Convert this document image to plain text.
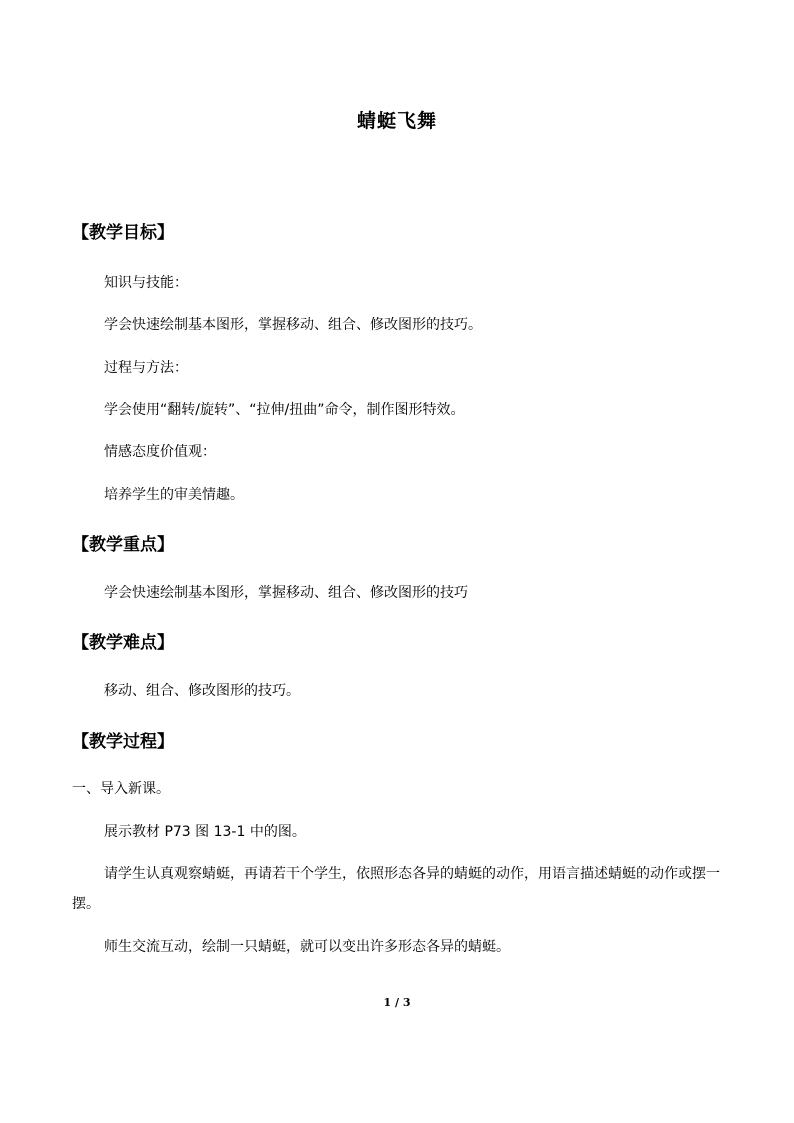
蜻蜓飞舞
【教学目标】
知识与技能：
学会快速绘制基本图形，掌握移动、组合、修改图形的技巧。
过程与方法：
学会使用“翻转/旋转”、“拉伸/扭曲”命令，制作图形特效。
情感态度价值观：
培养学生的审美情趣。
【教学重点】
学会快速绘制基本图形，掌握移动、组合、修改图形的技巧
【教学难点】
移动、组合、修改图形的技巧。
【教学过程】
一、导入新课。
展示教材 P73 图 13-1 中的图。
请学生认真观察蜻蜓，再请若干个学生，依照形态各异的蜻蜓的动作，用语言描述蜻蜓的动作或摆一摆。
师生交流互动，绘制一只蜻蜓，就可以变出许多形态各异的蜻蜓。
1 / 3
